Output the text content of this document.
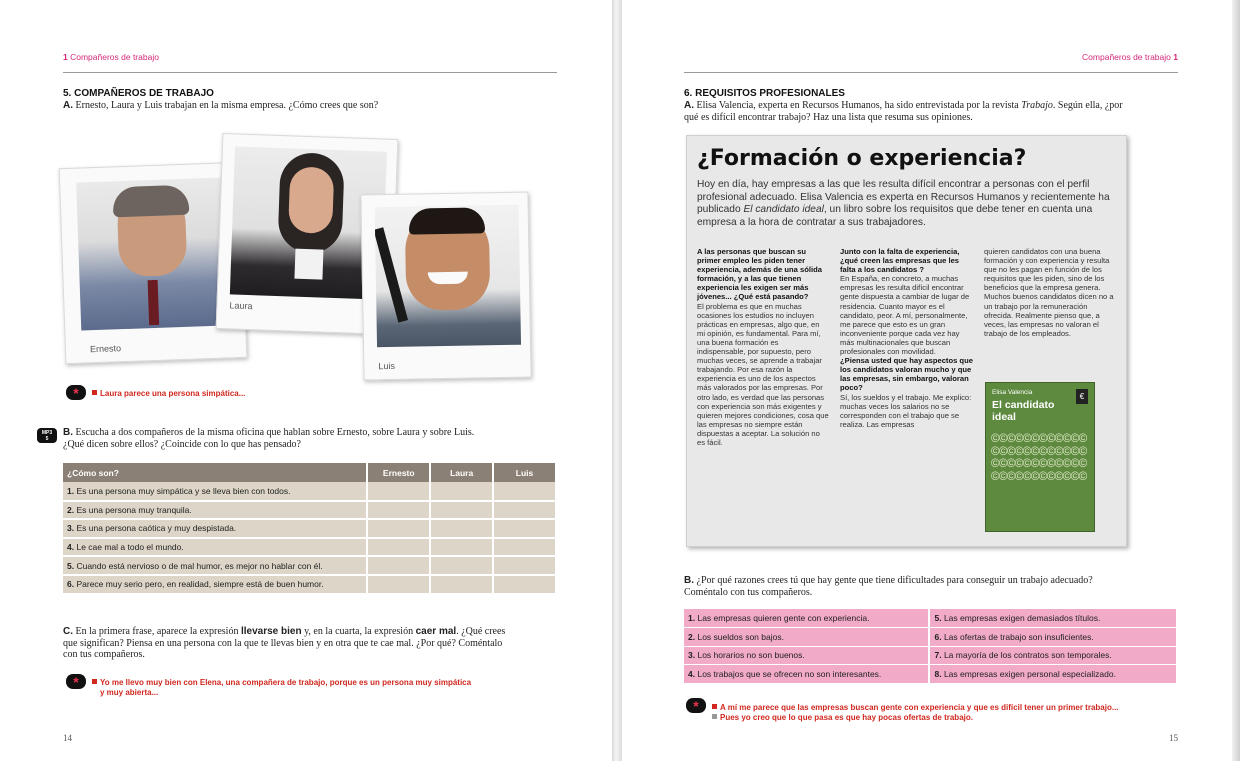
1 Compañeros de trabajo
5. COMPAÑEROS DE TRABAJO
A. Ernesto, Laura y Luis trabajan en la misma empresa. ¿Cómo crees que son?
Ernesto
Laura
Luis
*	Laura parece una persona simpática...
MP3
5
B. Escucha a dos compañeros de la misma oficina que hablan sobre Ernesto, sobre Laura y sobre Luis.
¿Qué dicen sobre ellos? ¿Coincide con lo que has pensado?
¿Cómo son?	Ernesto	Laura	Luis
1. Es una persona muy simpática y se lleva bien con todos.			
2. Es una persona muy tranquila.			
3. Es una persona caótica y muy despistada.			
4. Le cae mal a todo el mundo.			
5. Cuando está nervioso o de mal humor, es mejor no hablar con él.			
6. Parece muy serio pero, en realidad, siempre está de buen humor.			
C. En la primera frase, aparece la expresión llevarse bien y, en la cuarta, la expresión caer mal. ¿Qué crees
que significan? Piensa en una persona con la que te llevas bien y en otra que te cae mal. ¿Por qué? Coméntalo
con tus compañeros.
*	Yo me llevo muy bien con Elena, una compañera de trabajo, porque es un persona muy simpática
y muy abierta...
14
Compañeros de trabajo 1
6. REQUISITOS PROFESIONALES
A. Elisa Valencia, experta en Recursos Humanos, ha sido entrevistada por la revista Trabajo. Según ella, ¿por
qué es difícil encontrar trabajo? Haz una lista que resuma sus opiniones.
15
¿Formación o experiencia?
Hoy en día, hay empresas a las que les resulta difícil encontrar a personas con el perfil profesional adecuado. Elisa Valencia es experta en Recursos Humanos y recientemente ha publicado El candidato ideal, un libro sobre los requisitos que debe tener en cuenta una empresa a la hora de contratar a sus trabajadores.
A las personas que buscan su primer empleo les piden tener experiencia, además de una sólida formación, y a las que tienen experiencia les exigen ser más jóvenes... ¿Qué está pasando?
El problema es que en muchas ocasiones los estudios no incluyen prácticas en empresas, algo que, en mi opinión, es fundamental. Para mí, una buena formación es indispensable, por supuesto, pero muchas veces, se aprende a trabajar trabajando. Por esa razón la experiencia es uno de los aspectos más valorados por las empresas. Por otro lado, es verdad que las personas con experiencia son más exigentes y quieren mejores condiciones, cosa que las empresas no siempre están dispuestas a aceptar. La solución no es fácil.
Junto con la falta de experiencia, ¿qué creen las empresas que les falta a los candidatos ?
En España, en concreto, a muchas empresas les resulta difícil encontrar gente dispuesta a cambiar de lugar de residencia. Cuanto mayor es el candidato, peor. A mí, personalmente, me parece que esto es un gran inconveniente porque cada vez hay más multinacionales que buscan profesionales con movilidad.
¿Piensa usted que hay aspectos que los candidatos valoran mucho y que las empresas, sin embargo, valoran poco?
Sí, los sueldos y el trabajo. Me explico: muchas veces los salarios no se corresponden con el trabajo que se realiza. Las empresas
quieren candidatos con una buena formación y con experiencia y resulta que no les pagan en función de los requisitos que les piden, sino de los beneficios que la empresa genera. Muchos buenos candidatos dicen no a un trabajo por la remuneración ofrecida. Realmente pienso que, a veces, las empresas no valoran el trabajo de los empleados.
Elisa Valencia	€
El candidato ideal
©©©©©©©©©©©©©©©©©©©©©©©©©©©©©©©©©©©©©©©©©©©©©©©©
B. ¿Por qué razones crees tú que hay gente que tiene dificultades para conseguir un trabajo adecuado?
Coméntalo con tus compañeros.
1. Las empresas quieren gente con experiencia.	5. Las empresas exigen demasiados títulos.
2. Los sueldos son bajos.	6. Las ofertas de trabajo son insuficientes.
3. Los horarios no son buenos.	7. La mayoría de los contratos son temporales.
4. Los trabajos que se ofrecen no son interesantes.	8. Las empresas exigen personal especializado.
*	A mí me parece que las empresas buscan gente con experiencia y que es difícil tener un primer trabajo...
Pues yo creo que lo que pasa es que hay pocas ofertas de trabajo.
